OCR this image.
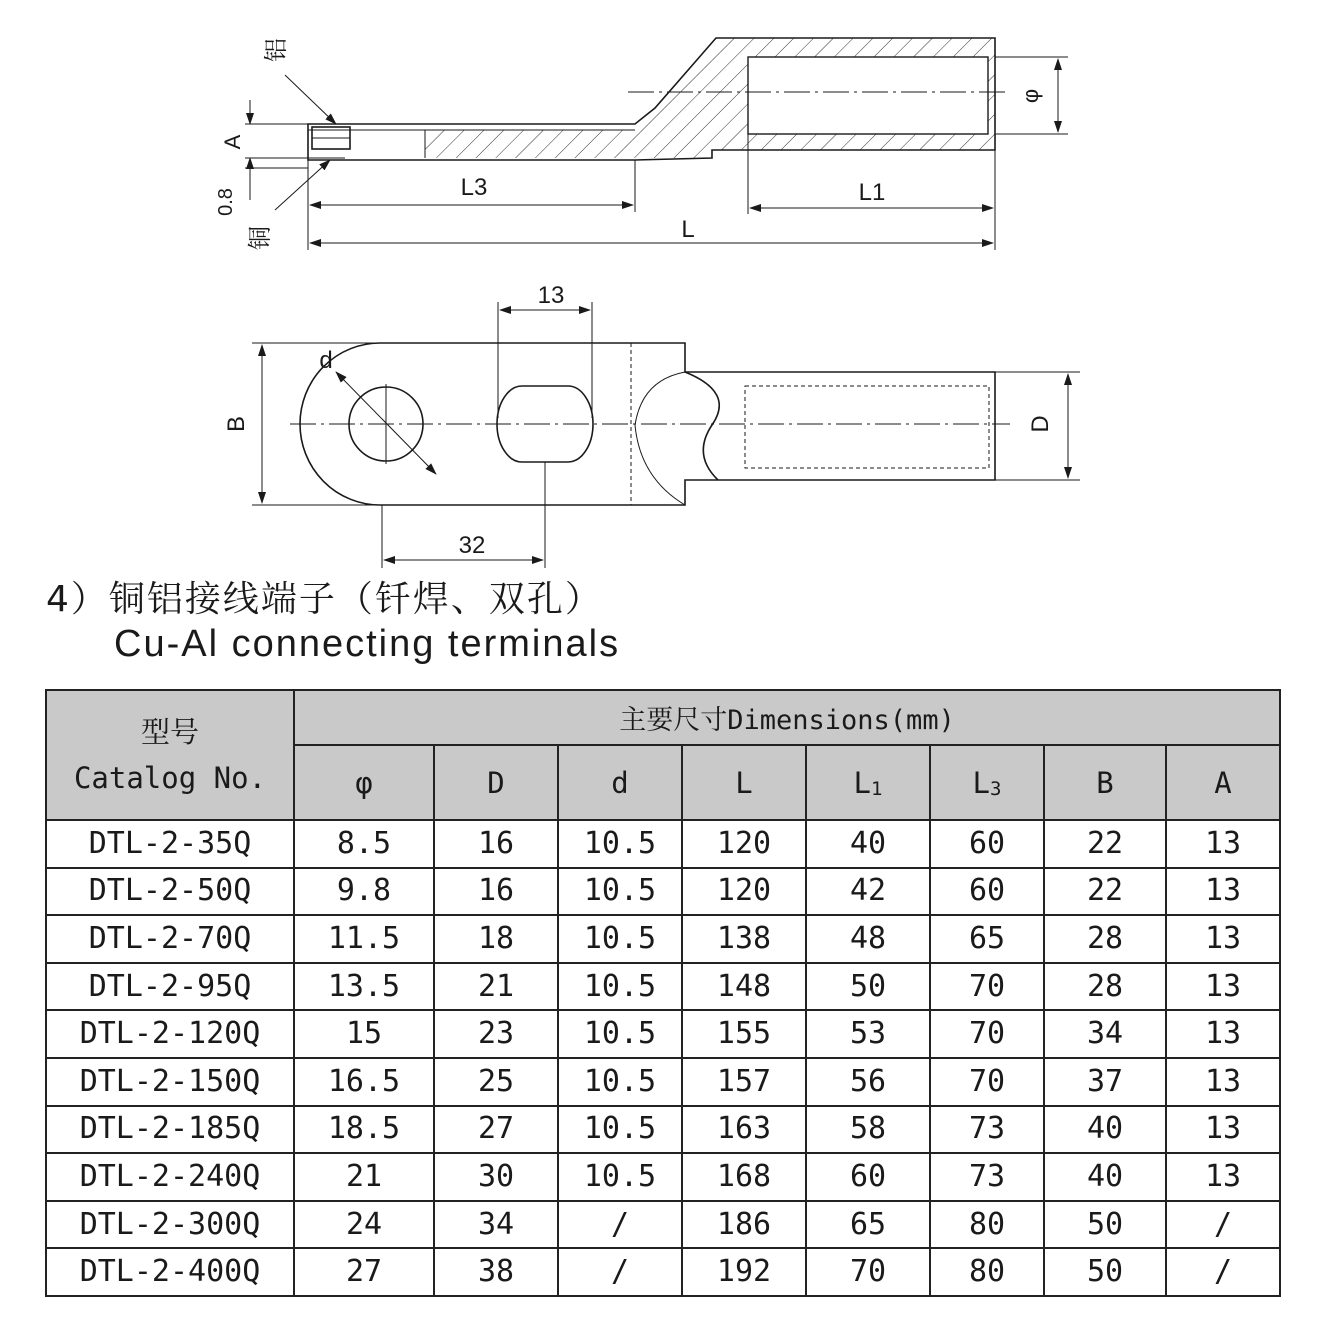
A
0.8
铝
铜
L3	L1
L
φ
13
d
B	D
32
4）铜铝接线端子（钎焊、双孔）
Cu-Al connecting terminals
型号
Catalog No.	主要尺寸Dimensions(mm)							
	φ	D	d	L	L1	L3	B	A
DTL-2-35Q	8.5	16	10.5	120	40	60	22	13
DTL-2-50Q	9.8	16	10.5	120	42	60	22	13
DTL-2-70Q	11.5	18	10.5	138	48	65	28	13
DTL-2-95Q	13.5	21	10.5	148	50	70	28	13
DTL-2-120Q	15	23	10.5	155	53	70	34	13
DTL-2-150Q	16.5	25	10.5	157	56	70	37	13
DTL-2-185Q	18.5	27	10.5	163	58	73	40	13
DTL-2-240Q	21	30	10.5	168	60	73	40	13
DTL-2-300Q	24	34	/	186	65	80	50	/
DTL-2-400Q	27	38	/	192	70	80	50	/
